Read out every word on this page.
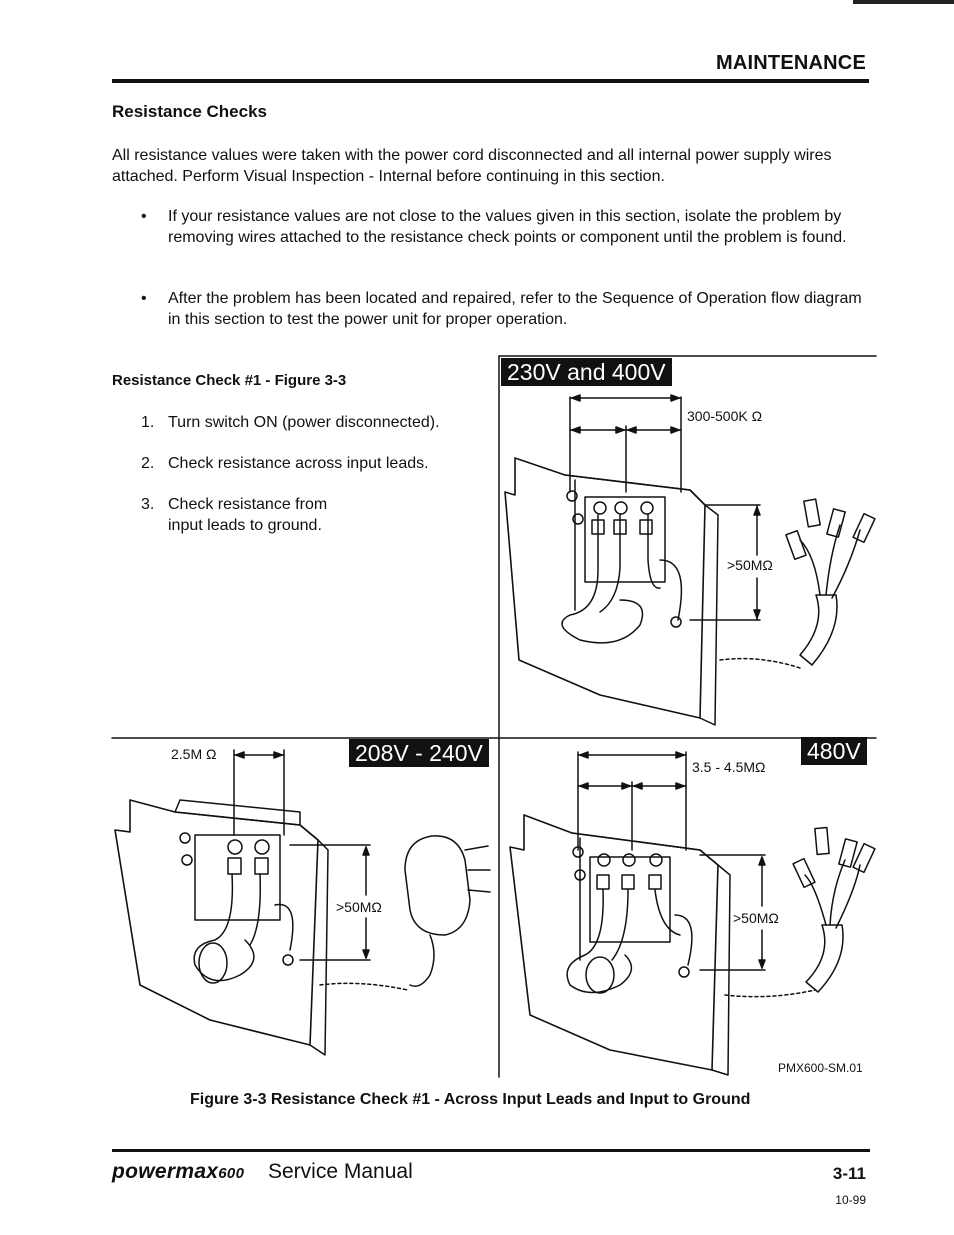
MAINTENANCE
Resistance Checks
All resistance values were taken with the power cord disconnected and all internal power supply wires attached. Perform Visual Inspection - Internal before continuing in this section.
• If your resistance values are not close to the values given in this section, isolate the problem by removing wires attached to the resistance check points or component until the problem is found.
• After the problem has been located and repaired, refer to the Sequence of Operation flow diagram in this section to test the power unit for proper operation.
Resistance Check #1 - Figure 3-3
1. Turn switch ON (power disconnected).
2. Check resistance across input leads.
3. Check resistance from input leads to ground.
230V and 400V
300-500K Ω
>50MΩ
208V - 240V
2.5M Ω
>50MΩ
480V
3.5 - 4.5MΩ
>50MΩ
PMX600-SM.01
Figure 3-3 Resistance Check #1 - Across Input Leads and Input to Ground
powermax600 Service Manual	3-11
10-99
